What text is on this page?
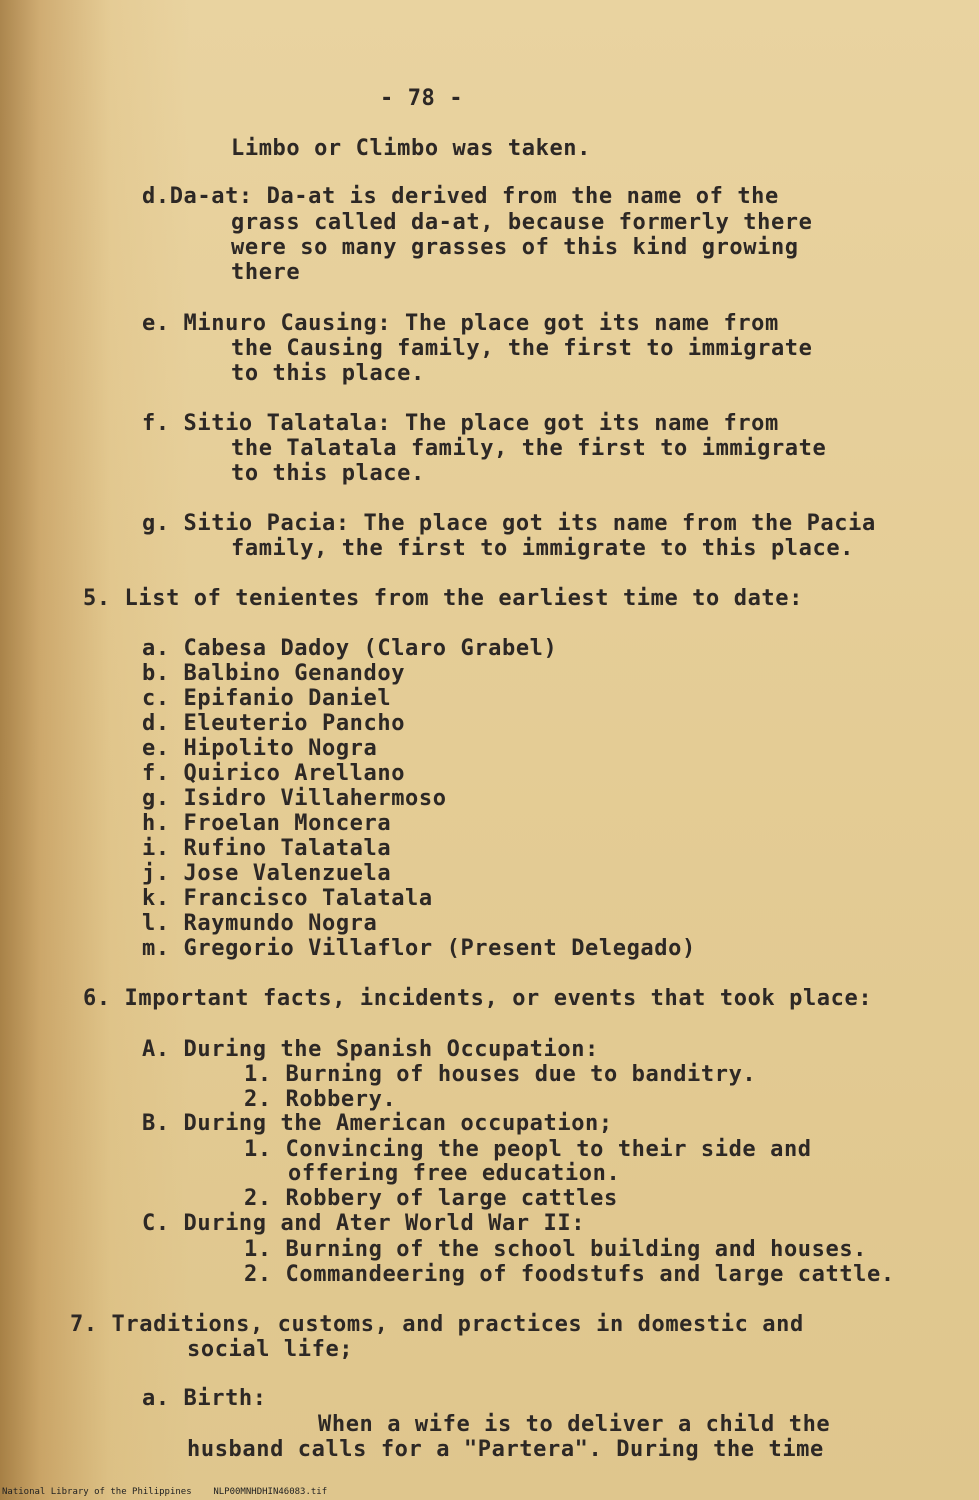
- 78 -
Limbo or Climbo was taken.
d.Da-at: Da-at is derived from the name of the
grass called da-at, because formerly there
were so many grasses of this kind growing
there
e. Minuro Causing: The place got its name from
the Causing family, the first to immigrate
to this place.
f. Sitio Talatala: The place got its name from
the Talatala family, the first to immigrate
to this place.
g. Sitio Pacia: The place got its name from the Pacia
family, the first to immigrate to this place.
5. List of tenientes from the earliest time to date:
a. Cabesa Dadoy (Claro Grabel)
b. Balbino Genandoy
c. Epifanio Daniel
d. Eleuterio Pancho
e. Hipolito Nogra
f. Quirico Arellano
g. Isidro Villahermoso
h. Froelan Moncera
i. Rufino Talatala
j. Jose Valenzuela
k. Francisco Talatala
l. Raymundo Nogra
m. Gregorio Villaflor (Present Delegado)
6. Important facts, incidents, or events that took place:
A. During the Spanish Occupation:
1. Burning of houses due to banditry.
2. Robbery.
B. During the American occupation;
1. Convincing the peopl to their side and
offering free education.
2. Robbery of large cattles
C. During and Ater World War II:
1. Burning of the school building and houses.
2. Commandeering of foodstufs and large cattle.
7. Traditions, customs, and practices in domestic and
social life;
a. Birth:
When a wife is to deliver a child the
husband calls for a "Partera". During the time
National Library of the Philippines NLP00MNHDHIN46083.tif
